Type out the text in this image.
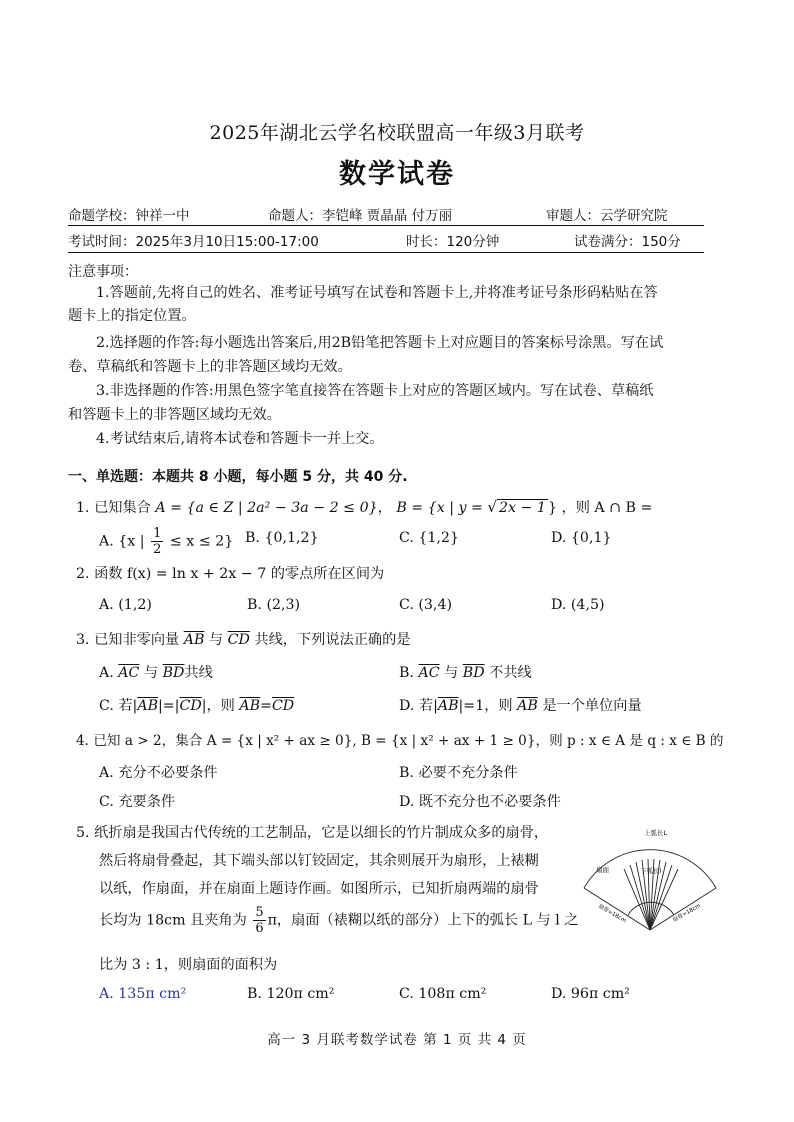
2025年湖北云学名校联盟高一年级3月联考
数学试卷
命题学校：钟祥一中	命题人：李铠峰 贾晶晶 付万丽	审题人：云学研究院
考试时间：2025年3月10日15:00-17:00	时长：120分钟	试卷满分：150分
注意事项：
1.答题前,先将自己的姓名、准考证号填写在试卷和答题卡上,并将准考证号条形码粘贴在答
题卡上的指定位置。
2.选择题的作答:每小题选出答案后,用2B铅笔把答题卡上对应题目的答案标号涂黑。写在试
卷、草稿纸和答题卡上的非答题区域均无效。
3.非选择题的作答:用黑色签字笔直接答在答题卡上对应的答题区域内。写在试卷、草稿纸
和答题卡上的非答题区域均无效。
4.考试结束后,请将本试卷和答题卡一并上交。
一、单选题：本题共 8 小题，每小题 5 分，共 40 分.
1. 已知集合 A = {a ∈ Z | 2a² − 3a − 2 ≤ 0}， B = {x | y = √ 2x − 1 } ，则 A ∩ B =
A. {x | $\frac{1}{2} \le x \le 2$} B. {0,1,2}	C. {1,2}	D. {0,1}
2. 函数 f(x) = ln x + 2x − 7 的零点所在区间为
A. (1,2)	B. (2,3)	C. (3,4)	D. (4,5)
3. 已知非零向量 $\overline{AB}$ 与 $\overline{CD}$ 共线，下列说法正确的是
A. $\overline{AC}$ 与 $\overline{BD}$共线	B. $\overline{AC}$ 与 $\overline{BD}$ 不共线
C. 若$|\overline{AB}|=|\overline{CD}|$，则 $\overline{AB}=\overline{CD}$	D. 若$|\overline{AB}|=1$，则 $\overline{AB}$ 是一个单位向量
4. 已知 a > 2，集合 A = {x | x² + ax ≥ 0}, B = {x | x² + ax + 1 ≥ 0}，则 p : x ∈ A 是 q : x ∈ B 的
A. 充分不必要条件	B. 必要不充分条件
C. 充要条件	D. 既不充分也不必要条件
5. 纸折扇是我国古代传统的工艺制品，它是以细长的竹片制成众多的扇骨，
然后将扇骨叠起，其下端头部以钉铰固定，其余则展开为扇形，上裱糊
以纸，作扇面，并在扇面上题诗作画。如图所示，已知折扇两端的扇骨
长均为 18cm 且夹角为 $\frac{5}{6}$ π，扇面（裱糊以纸的部分）上下的弧长 L 与 l 之
比为 3 : 1，则扇面的面积为
A. 135π cm²	B. 120π cm²	C. 108π cm²	D. 96π cm²
上弧长L
扇面	下弧长l
扇骨=18cm	扇骨=18cm
高一 3 月联考数学试卷 第 1 页 共 4 页
